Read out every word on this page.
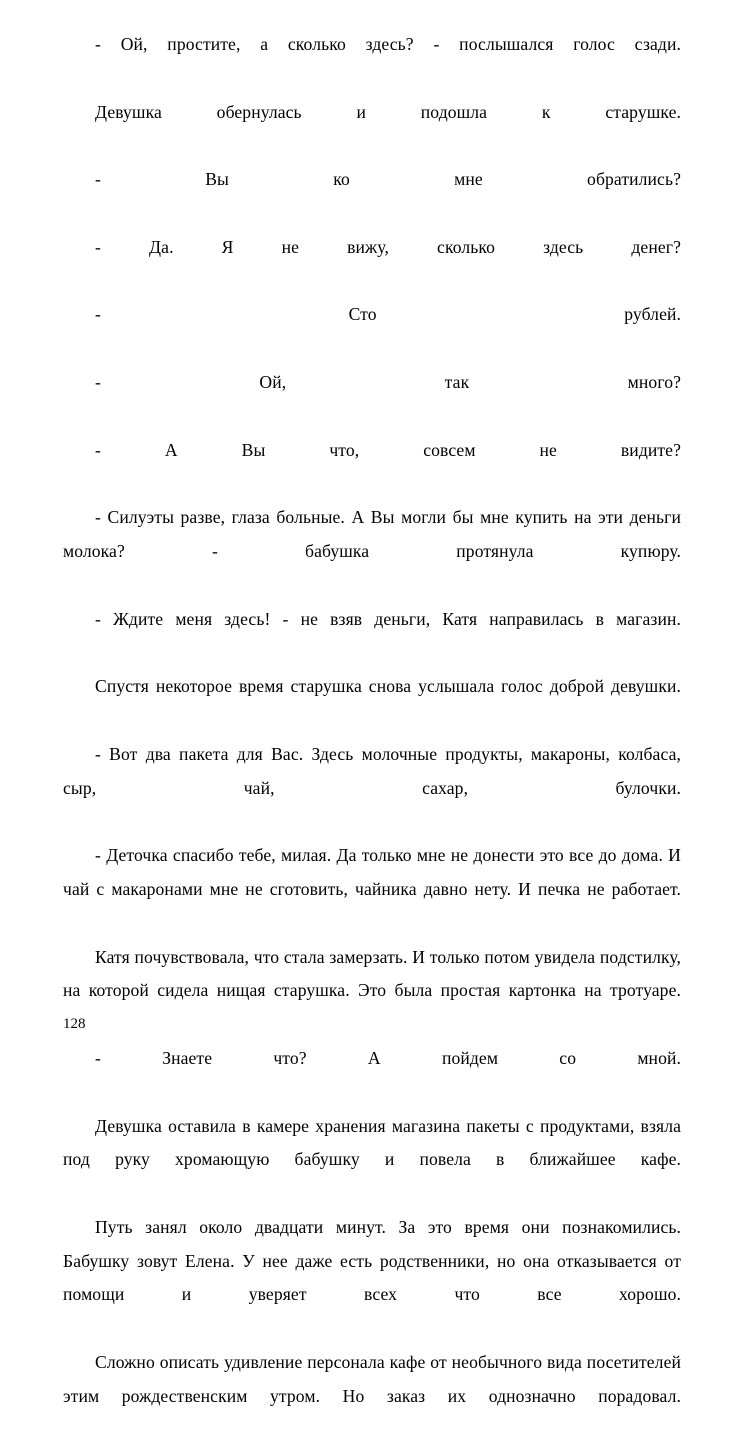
- Ой, простите, а сколько здесь? - послышался голос сзади.

Девушка обернулась и подошла к старушке.

- Вы ко мне обратились?

- Да. Я не вижу, сколько здесь денег?

- Сто рублей.

- Ой, так много?

- А Вы что, совсем не видите?

- Силуэты разве, глаза больные. А Вы могли бы мне купить на эти деньги молока? - бабушка протянула купюру.

- Ждите меня здесь! - не взяв деньги, Катя направилась в магазин.

Спустя некоторое время старушка снова услышала голос доброй девушки.

- Вот два пакета для Вас. Здесь молочные продукты, макароны, колбаса, сыр, чай, сахар, булочки.

- Деточка спасибо тебе, милая. Да только мне не донести это все до дома. И чай с макаронами мне не сготовить, чайника давно нету. И печка не работает.

Катя почувствовала, что стала замерзать. И только потом увидела подстилку, на которой сидела нищая старушка. Это была простая картонка на тротуаре.

- Знаете что? А пойдем со мной.

Девушка оставила в камере хранения магазина пакеты с продуктами, взяла под руку хромающую бабушку и повела в ближайшее кафе.

Путь занял около двадцати минут. За это время они познакомились. Бабушку зовут Елена. У нее даже есть родственники, но она отказывается от помощи и уверяет всех что все хорошо.

Сложно описать удивление персонала кафе от необычного вида посетителей этим рождественским утром. Но заказ их однозначно порадовал.

128
